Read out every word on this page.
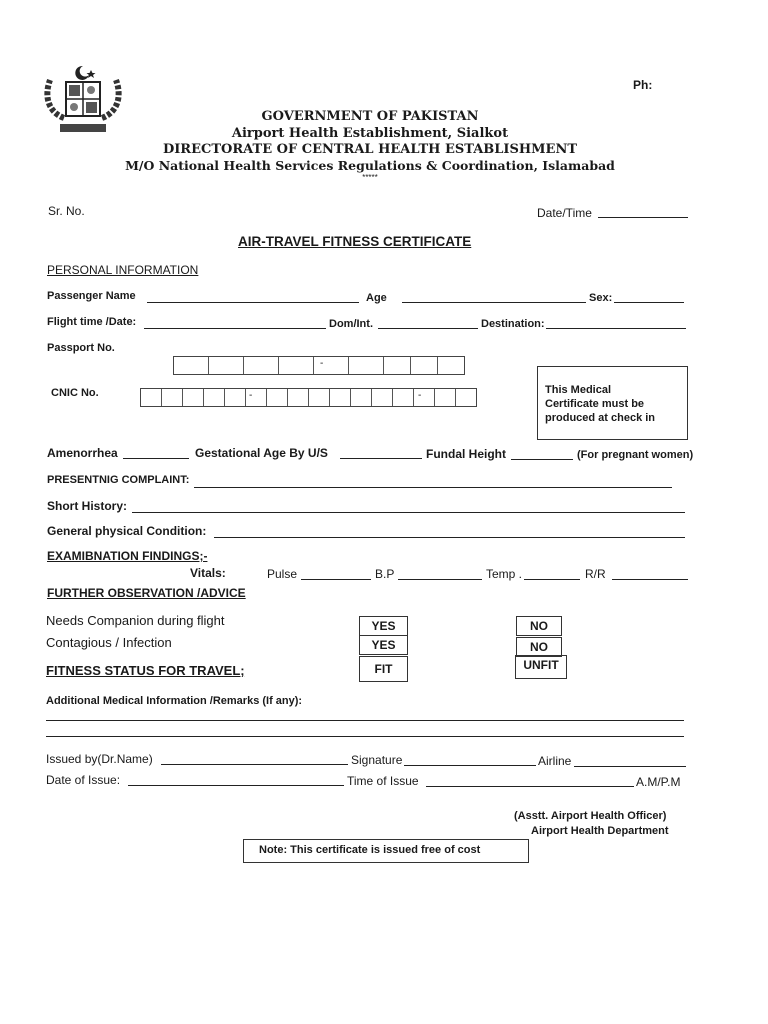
Ph:
GOVERNMENT OF PAKISTAN
Airport Health Establishment, Sialkot
DIRECTORATE OF CENTRAL HEALTH ESTABLISHMENT
M/O National Health Services Regulations & Coordination, Islamabad
*****
Sr. No.	Date/Time
AIR-TRAVEL FITNESS CERTIFICATE
PERSONAL INFORMATION
Passenger Name	Age	Sex:
Flight time /Date:	Dom/Int.	Destination:
Passport No.
-
CNIC No.	-	-	This Medical
Certificate must be
produced at check in
Amenorrhea	Gestational Age By U/S	Fundal Height	(For pregnant women)
PRESENTNIG COMPLAINT:
Short History:
General physical Condition:
EXAMIBNATION FINDINGS;-
Vitals:	Pulse	B.P	Temp .	R/R
FURTHER OBSERVATION /ADVICE
Needs Companion during flight	YES	NO
Contagious / Infection	YES	NO
FITNESS STATUS FOR TRAVEL;	FIT	UNFIT
Additional Medical Information /Remarks (If any):
Issued by(Dr.Name)	Signature	Airline
Date of Issue:	Time of Issue	A.M/P.M
(Asstt. Airport Health Officer)
Airport Health Department
Note: This certificate is issued free of cost
